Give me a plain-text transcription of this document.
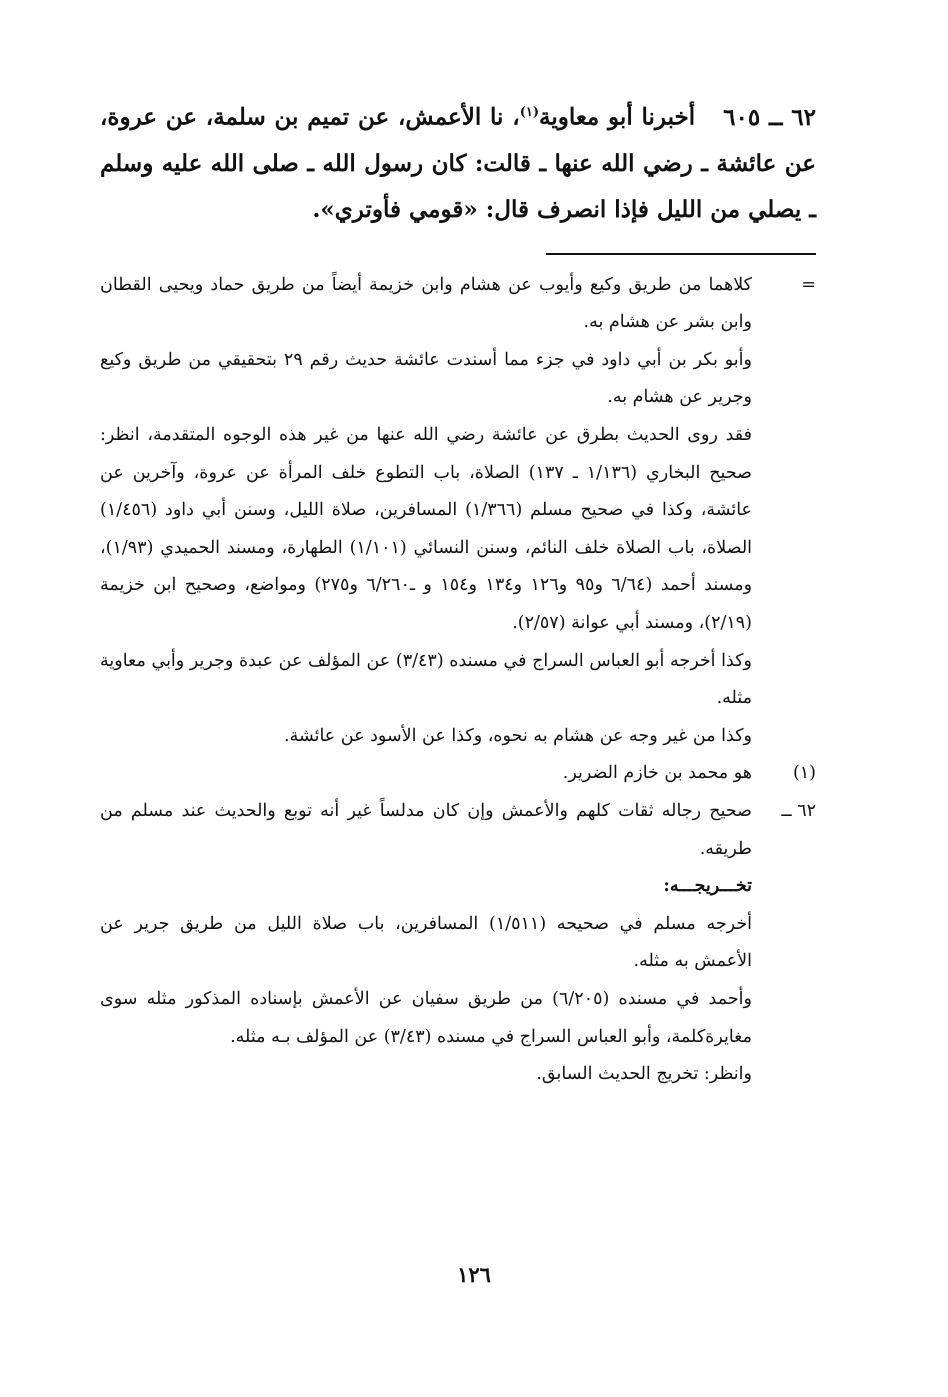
٦٢ ــ ٦٠٥أخبرنا أبو معاوية$^{(١)}$، نا الأعمش، عن تميم بن سلمة، عن عروة، عن عائشة ـ رضي الله عنها ـ قالت: كان رسول الله ـ صلى الله عليه وسلم ـ يصلي من الليل فإذا انصرف قال: «قومي فأوتري».

=
كلاهما من طريق وكيع وأيوب عن هشام وابن خزيمة أيضاً من طريق حماد ويحيى القطان وابن بشر عن هشام به.

وأبو بكر بن أبي داود في جزء مما أسندت عائشة حديث رقم ٢٩ بتحقيقي من طريق وكيع وجرير عن هشام به.

فقد روى الحديث بطرق عن عائشة رضي الله عنها من غير هذه الوجوه المتقدمة، انظر: صحيح البخاري (١/١٣٦ ـ ١٣٧) الصلاة، باب التطوع خلف المرأة عن عروة، وآخرين عن عائشة، وكذا في صحيح مسلم (١/٣٦٦) المسافرين، صلاة الليل، وسنن أبي داود (١/٤٥٦) الصلاة، باب الصلاة خلف النائم، وسنن النسائي (١/١٠١) الطهارة، ومسند الحميدي (١/٩٣)، ومسند أحمد (٦/٦٤ و٩٥ و١٢٦ و١٣٤ و١٥٤ و ـ٦/٢٦٠ و٢٧٥) ومواضع، وصحيح ابن خزيمة (٢/١٩)، ومسند أبي عوانة (٢/٥٧).

وكذا أخرجه أبو العباس السراج في مسنده (٣/٤٣) عن المؤلف عن عبدة وجرير وأبي معاوية مثله.

وكذا من غير وجه عن هشام به نحوه، وكذا عن الأسود عن عائشة.

(١)
هو محمد بن خازم الضرير.

٦٢ ــ
صحيح رجاله ثقات كلهم والأعمش وإن كان مدلساً غير أنه توبع والحديث عند مسلم من طريقه.

تخـــريجـــه:

أخرجه مسلم في صحيحه (١/٥١١) المسافرين، باب صلاة الليل من طريق جرير عن الأعمش به مثله.

وأحمد في مسنده (٦/٢٠٥) من طريق سفيان عن الأعمش بإسناده المذكور مثله سوى مغايرةكلمة، وأبو العباس السراج في مسنده (٣/٤٣) عن المؤلف بـه مثله.

وانظر: تخريج الحديث السابق.

١٢٦
